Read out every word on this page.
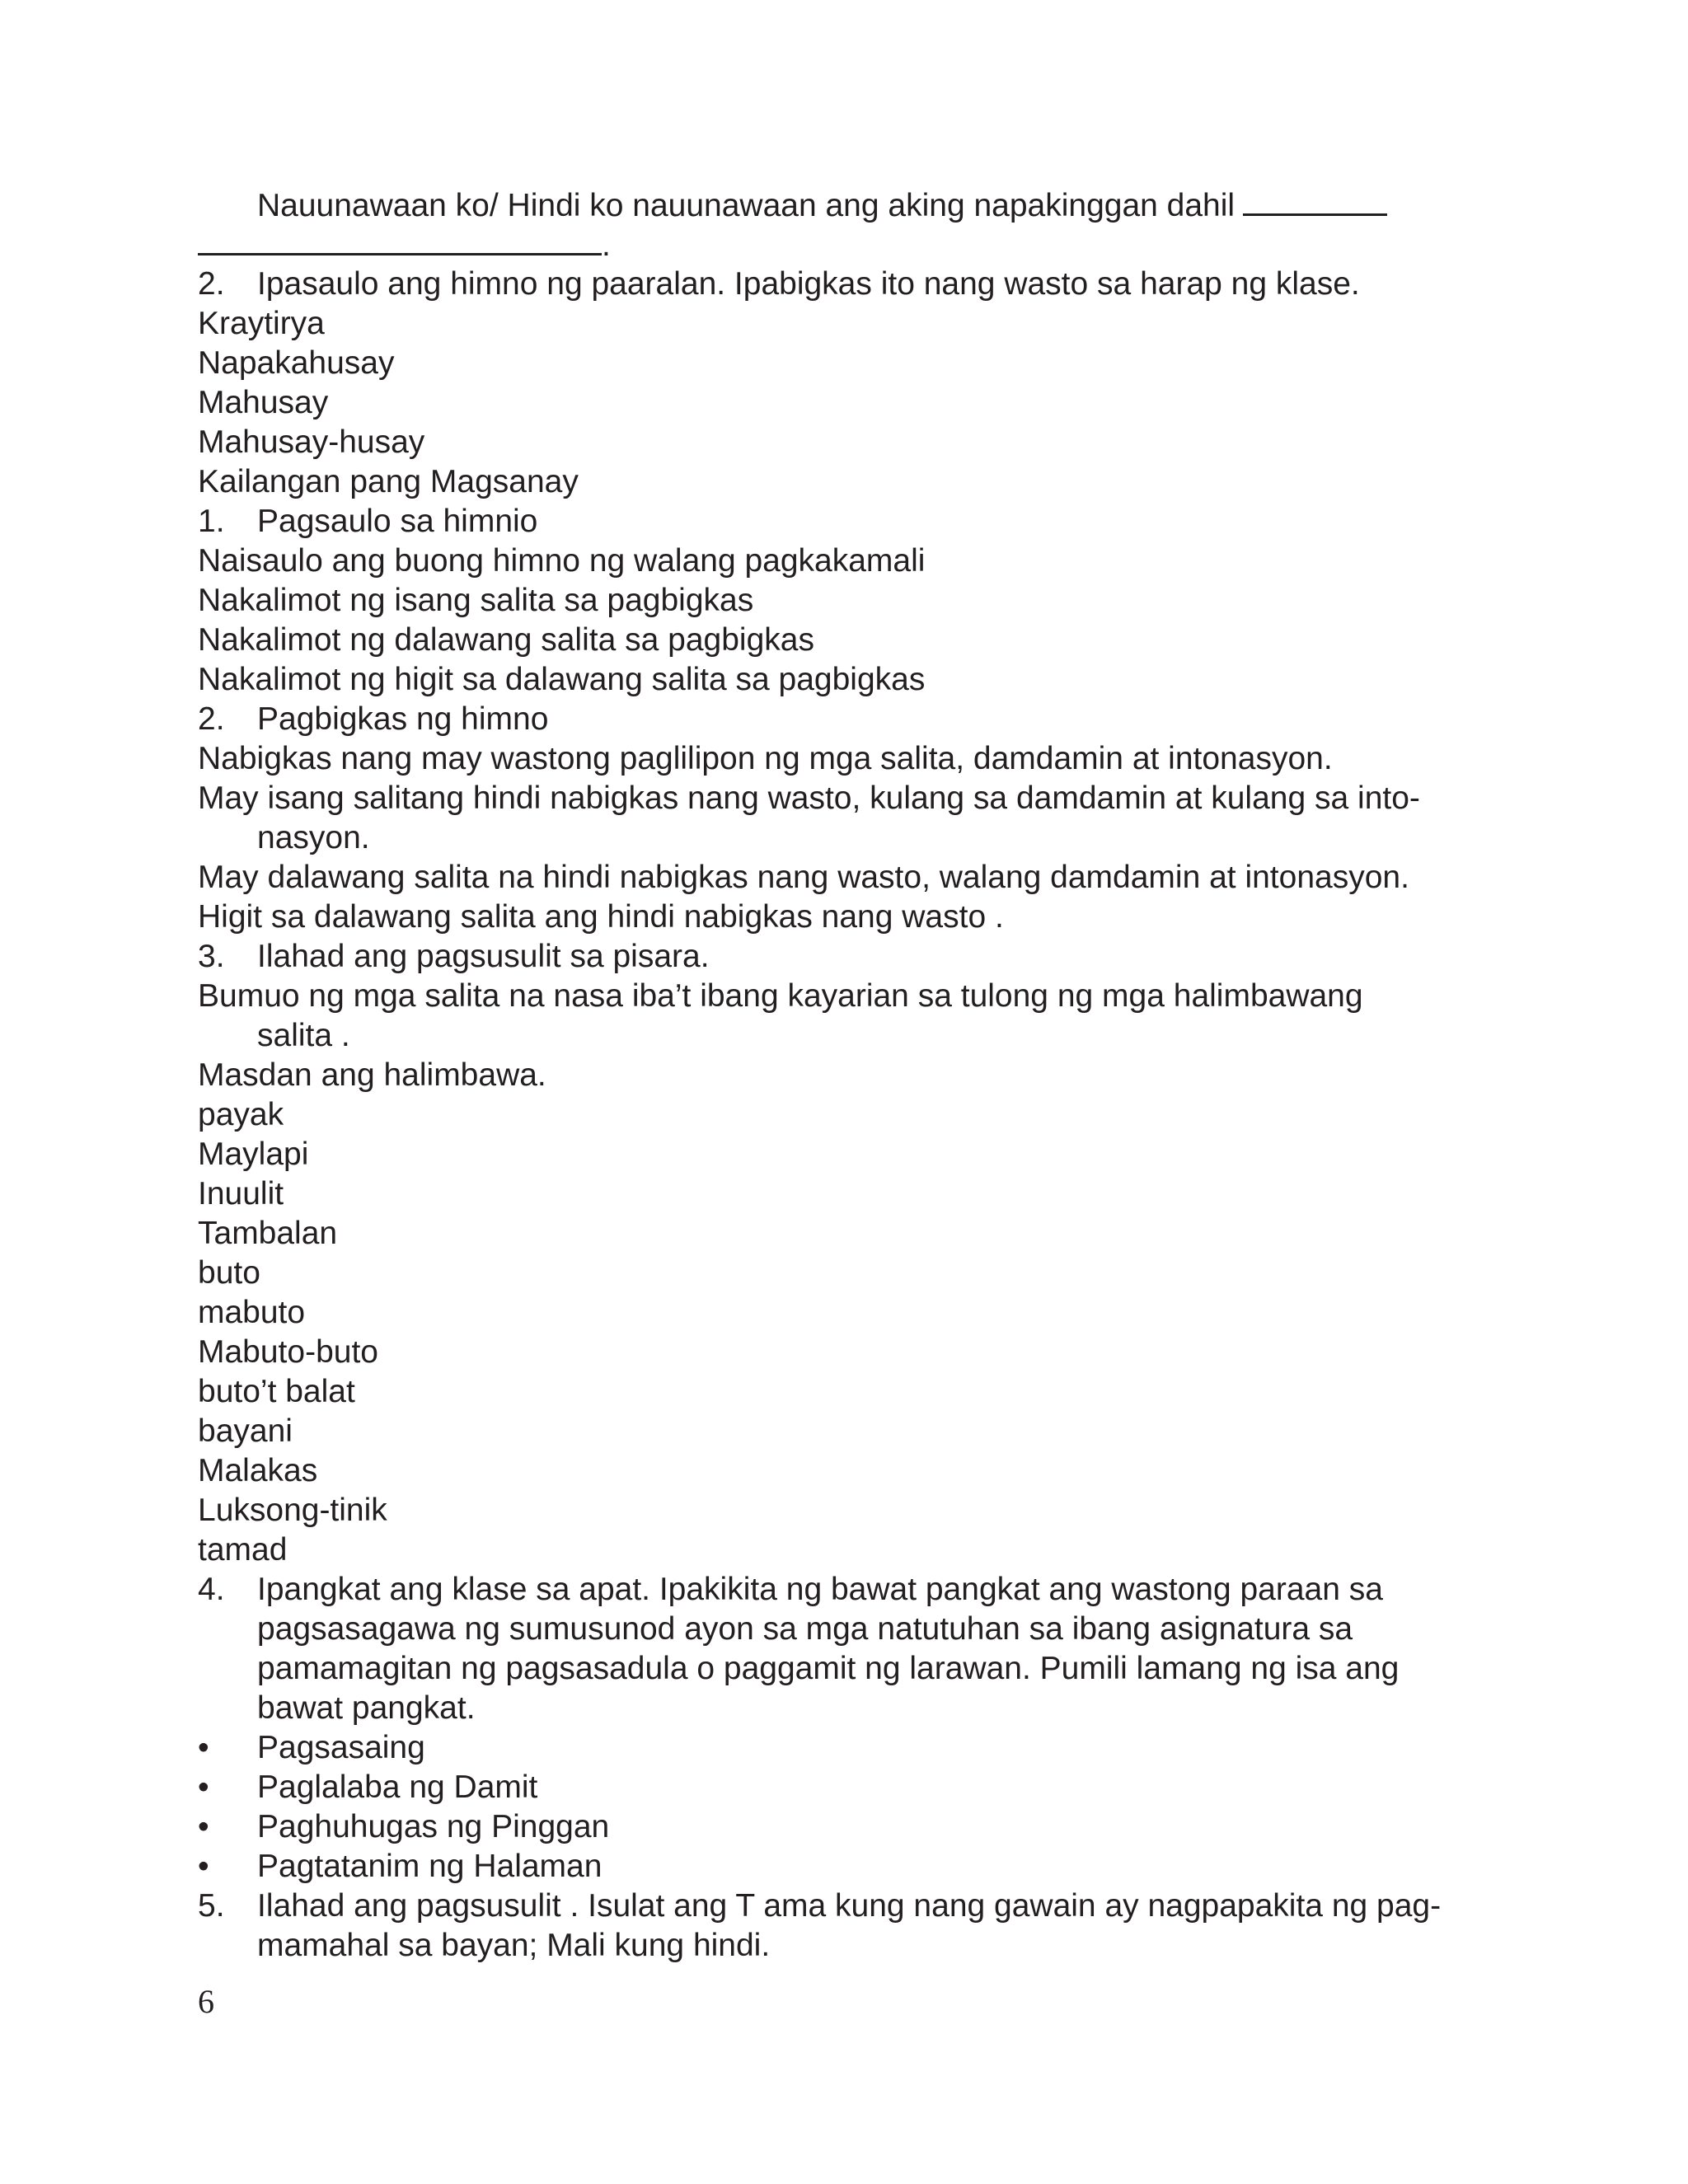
Nauunawaan ko/ Hindi ko nauunawaan ang aking napakinggan dahil
.
2.	Ipasaulo ang himno ng paaralan. Ipabigkas ito nang wasto sa harap ng klase.
Kraytirya
Napakahusay
Mahusay
Mahusay-husay
Kailangan pang Magsanay
1.	Pagsaulo sa himnio
Naisaulo ang buong himno ng walang pagkakamali
Nakalimot ng isang salita sa pagbigkas
Nakalimot ng dalawang salita sa pagbigkas
Nakalimot ng higit sa dalawang salita sa pagbigkas
2.	Pagbigkas ng himno
Nabigkas nang may wastong paglilipon ng mga salita, damdamin at intonasyon.
May isang salitang hindi nabigkas nang wasto, kulang sa damdamin at kulang sa into-
nasyon.
May dalawang salita na hindi nabigkas nang wasto, walang damdamin at intonasyon.
Higit sa dalawang salita ang hindi nabigkas nang wasto .
3.	Ilahad ang pagsusulit sa pisara.
Bumuo ng mga salita na nasa iba’t ibang kayarian sa tulong ng mga halimbawang
salita .
Masdan ang halimbawa.
payak
Maylapi
Inuulit
Tambalan
buto
mabuto
Mabuto-buto
buto’t balat
bayani
Malakas
Luksong-tinik
tamad
4.	Ipangkat ang klase sa apat. Ipakikita ng bawat pangkat ang wastong paraan sa
pagsasagawa ng sumusunod ayon sa mga natutuhan sa ibang asignatura sa
pamamagitan ng pagsasadula o paggamit ng larawan. Pumili lamang ng isa ang
bawat pangkat.
•	Pagsasaing
•	Paglalaba ng Damit
•	Paghuhugas ng Pinggan
•	Pagtatanim ng Halaman
5.	Ilahad ang pagsusulit . Isulat ang T ama kung nang gawain ay nagpapakita ng pag-
mamahal sa bayan; Mali kung hindi.
6
